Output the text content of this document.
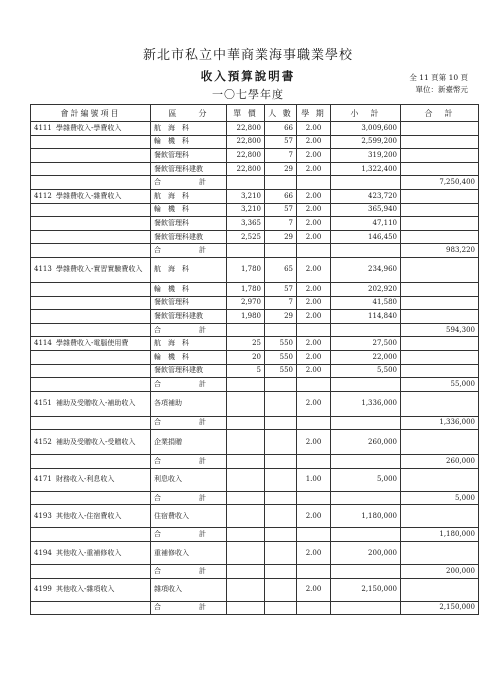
新北市私立中華商業海事職業學校
收入預算說明書
一〇七學年度
全 11 頁第 10 頁
單位：新臺幣元
會計編號項目	區　　分	單 價	人 數	學 期	小　計	合　計
4111 學雜費收入-學費收入	航　海　科	22,800	66	2.00	3,009,600	
	輪　機　科	22,800	57	2.00	2,599,200	
	餐飲管理科	22,800	7	2.00	319,200	
	餐飲管理科建教	22,800	29	2.00	1,322,400	
	合　　計					7,250,400
4112 學雜費收入-雜費收入	航　海　科	3,210	66	2.00	423,720	
	輪　機　科	3,210	57	2.00	365,940	
	餐飲管理科	3,365	7	2.00	47,110	
	餐飲管理科建教	2,525	29	2.00	146,450	
	合　　計					983,220
4113 學雜費收入-實習實驗費收入	航　海　科	1,780	65	2.00	234,960	
	輪　機　科	1,780	57	2.00	202,920	
	餐飲管理科	2,970	7	2.00	41,580	
	餐飲管理科建教	1,980	29	2.00	114,840	
	合　　計					594,300
4114 學雜費收入-電腦使用費	航　海　科	25	550	2.00	27,500	
	輪　機　科	20	550	2.00	22,000	
	餐飲管理科建教	5	550	2.00	5,500	
	合　　計					55,000
4151 補助及受贈收入-補助收入	各項補助			2.00	1,336,000	
	合　　計					1,336,000
4152 補助及受贈收入-受贈收入	企業捐贈			2.00	260,000	
	合　　計					260,000
4171 財務收入-利息收入	利息收入			1.00	5,000	
	合　　計					5,000
4193 其他收入-住宿費收入	住宿費收入			2.00	1,180,000	
	合　　計					1,180,000
4194 其他收入-重補修收入	重補修收入			2.00	200,000	
	合　　計					200,000
4199 其他收入-雜項收入	雜項收入			2.00	2,150,000	
	合　　計					2,150,000
